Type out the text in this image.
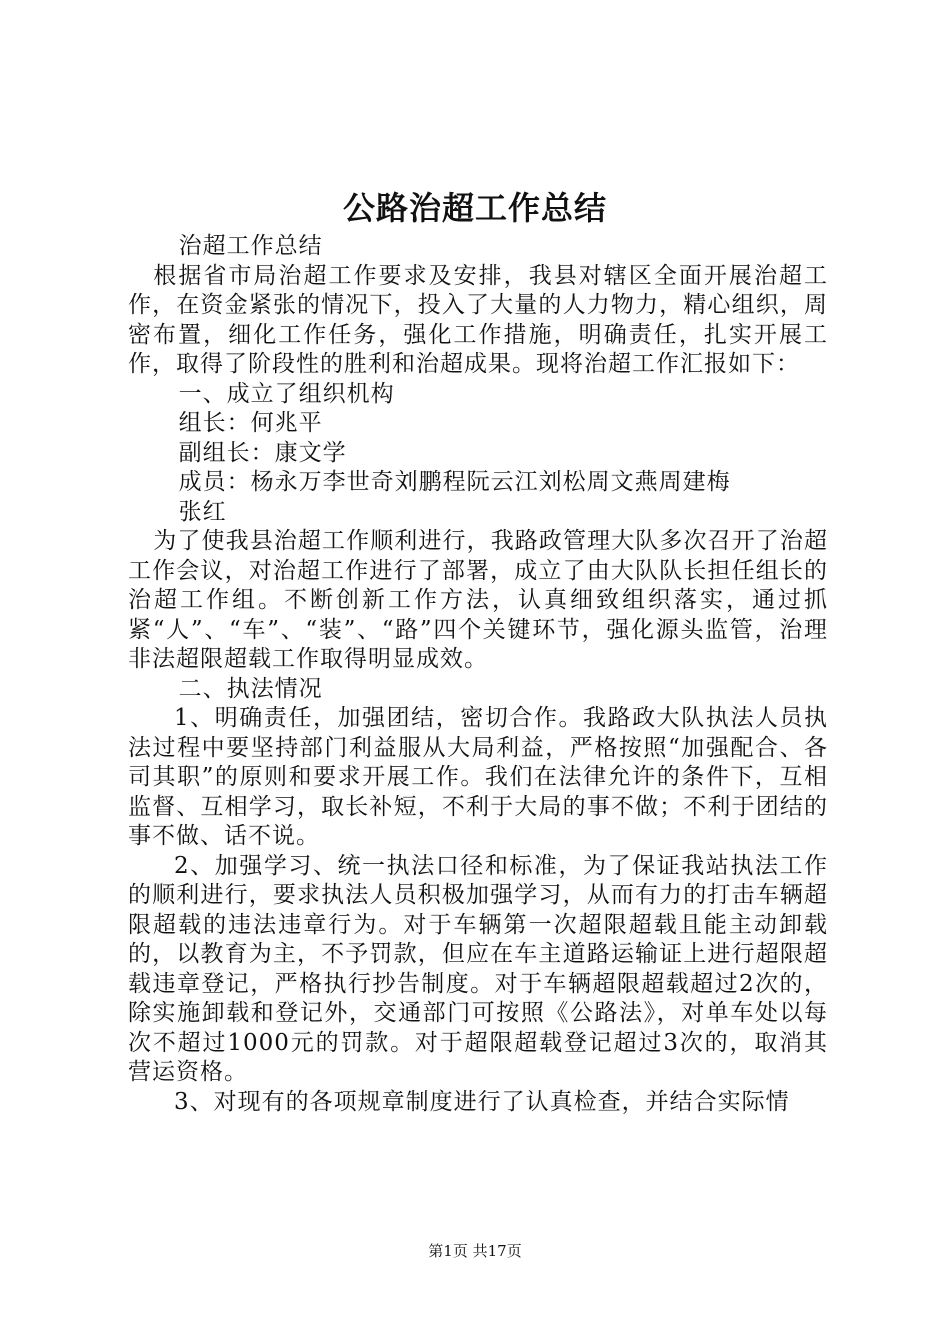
公路治超工作总结

治超工作总结

根据省市局治超工作要求及安排，我县对辖区全面开展治超工作，在资金紧张的情况下，投入了大量的人力物力，精心组织，周密布置，细化工作任务，强化工作措施，明确责任，扎实开展工作，取得了阶段性的胜利和治超成果。现将治超工作汇报如下：

一、成立了组织机构

组长：何兆平

副组长：康文学

成员：杨永万李世奇刘鹏程阮云江刘松周文燕周建梅

张红

为了使我县治超工作顺利进行，我路政管理大队多次召开了治超工作会议，对治超工作进行了部署，成立了由大队队长担任组长的治超工作组。不断创新工作方法，认真细致组织落实，通过抓紧“人”、“车”、“装”、“路”四个关键环节，强化源头监管，治理非法超限超载工作取得明显成效。

二、执法情况

1、明确责任，加强团结，密切合作。我路政大队执法人员执法过程中要坚持部门利益服从大局利益，严格按照“加强配合、各司其职”的原则和要求开展工作。我们在法律允许的条件下，互相监督、互相学习，取长补短，不利于大局的事不做；不利于团结的事不做、话不说。

2、加强学习、统一执法口径和标准，为了保证我站执法工作的顺利进行，要求执法人员积极加强学习，从而有力的打击车辆超限超载的违法违章行为。对于车辆第一次超限超载且能主动卸载的，以教育为主，不予罚款，但应在车主道路运输证上进行超限超载违章登记，严格执行抄告制度。对于车辆超限超载超过2次的，除实施卸载和登记外，交通部门可按照《公路法》，对单车处以每次不超过1000元的罚款。对于超限超载登记超过3次的，取消其营运资格。

3、对现有的各项规章制度进行了认真检查，并结合实际情

第1页 共17页
